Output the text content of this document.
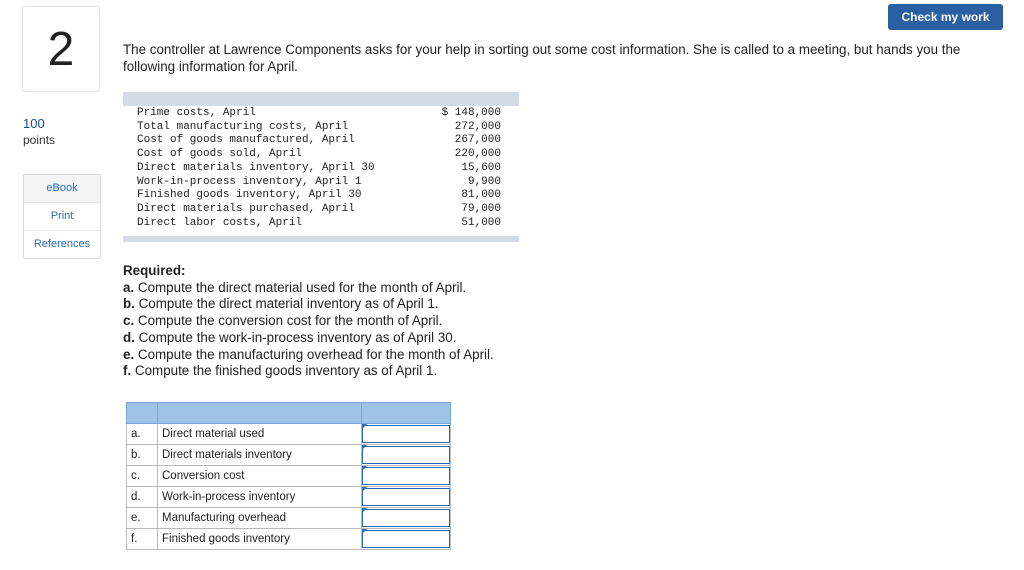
2
100
points
eBook
Print
References
Check my work
The controller at Lawrence Components asks for your help in sorting out some cost information. She is called to a meeting, but hands you the following information for April.
Prime costs, April	$ 148,000
Total manufacturing costs, April	272,000
Cost of goods manufactured, April	267,000
Cost of goods sold, April	220,000
Direct materials inventory, April 30	15,600
Work-in-process inventory, April 1	9,900
Finished goods inventory, April 30	81,000
Direct materials purchased, April	79,000
Direct labor costs, April	51,000
Required:
a. Compute the direct material used for the month of April.
b. Compute the direct material inventory as of April 1.
c. Compute the conversion cost for the month of April.
d. Compute the work-in-process inventory as of April 30.
e. Compute the manufacturing overhead for the month of April.
f. Compute the finished goods inventory as of April 1.

a.	Direct material used	

b.	Direct materials inventory	

c.	Conversion cost	

d.	Work-in-process inventory	

e.	Manufacturing overhead	

f.	Finished goods inventory	
